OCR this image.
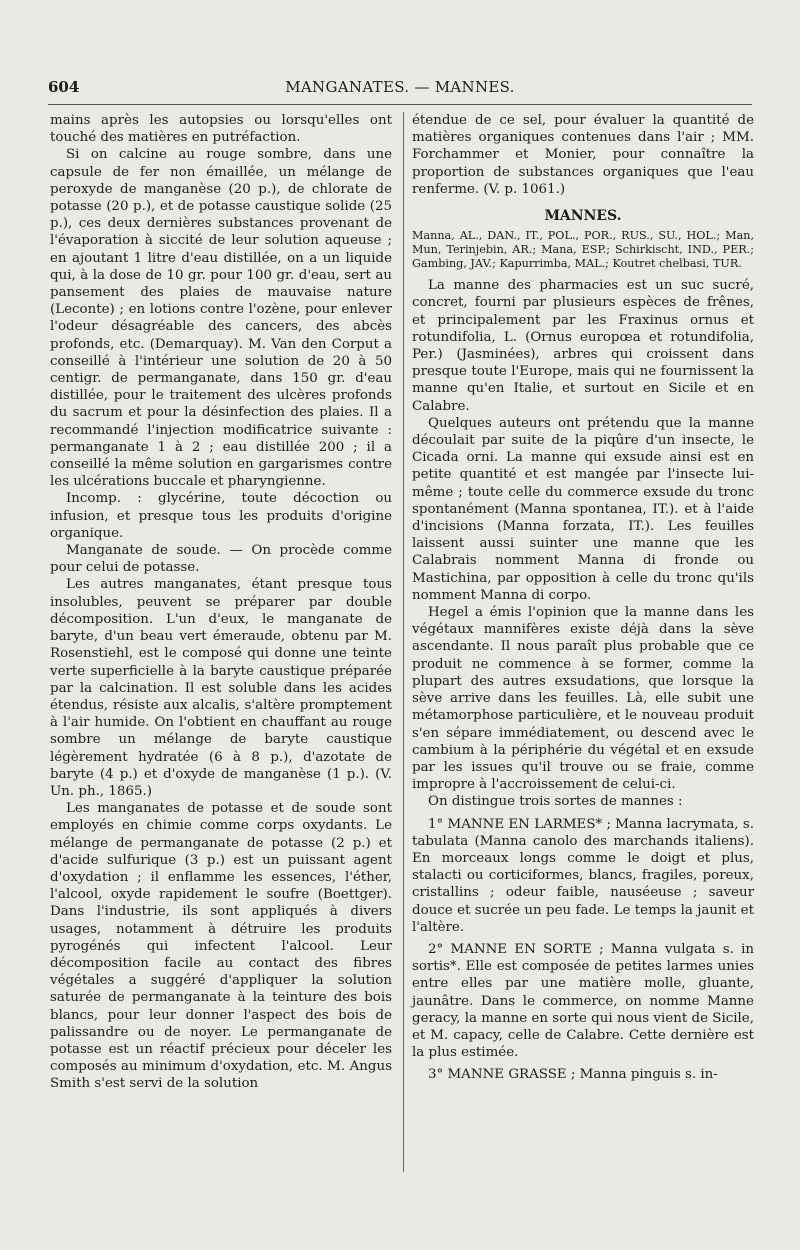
604	MANGANATES. — MANNES.

mains après les autopsies ou lorsqu'elles ont touché des matières en putréfaction.

Si on calcine au rouge sombre, dans une capsule de fer non émaillée, un mélange de peroxyde de manganèse (20 p.), de chlorate de potasse (20 p.), et de potasse caustique solide (25 p.), ces deux dernières substances provenant de l'évaporation à siccité de leur solution aqueuse ; en ajoutant 1 litre d'eau distillée, on a un liquide qui, à la dose de 10 gr. pour 100 gr. d'eau, sert au pansement des plaies de mauvaise nature (Leconte) ; en lotions contre l'ozène, pour enlever l'odeur désagréable des cancers, des abcès profonds, etc. (Demarquay). M. Van den Corput a conseillé à l'intérieur une solution de 20 à 50 centigr. de permanganate, dans 150 gr. d'eau distillée, pour le traitement des ulcères profonds du sacrum et pour la désinfection des plaies. Il a recommandé l'injection modificatrice suivante : permanganate 1 à 2 ; eau distillée 200 ; il a conseillé la même solution en gargarismes contre les ulcérations buccale et pharyngienne.

Incomp. : glycérine, toute décoction ou infusion, et presque tous les produits d'origine organique.

Manganate de soude. — On procède comme pour celui de potasse.

Les autres manganates, étant presque tous insolubles, peuvent se préparer par double décomposition. L'un d'eux, le manganate de baryte, d'un beau vert émeraude, obtenu par M. Rosenstiehl, est le composé qui donne une teinte verte superficielle à la baryte caustique préparée par la calcination. Il est soluble dans les acides étendus, résiste aux alcalis, s'altère promptement à l'air humide. On l'obtient en chauffant au rouge sombre un mélange de baryte caustique légèrement hydratée (6 à 8 p.), d'azotate de baryte (4 p.) et d'oxyde de manganèse (1 p.). (V. Un. ph., 1865.)

Les manganates de potasse et de soude sont employés en chimie comme corps oxydants. Le mélange de permanganate de potasse (2 p.) et d'acide sulfurique (3 p.) est un puissant agent d'oxydation ; il enflamme les essences, l'éther, l'alcool, oxyde rapidement le soufre (Boettger). Dans l'industrie, ils sont appliqués à divers usages, notamment à détruire les produits pyrogénés qui infectent l'alcool. Leur décomposition facile au contact des fibres végétales a suggéré d'appliquer la solution saturée de permanganate à la teinture des bois blancs, pour leur donner l'aspect des bois de palissandre ou de noyer. Le permanganate de potasse est un réactif précieux pour déceler les composés au minimum d'oxydation, etc. M. Angus Smith s'est servi de la solution

étendue de ce sel, pour évaluer la quantité de matières organiques contenues dans l'air ; MM. Forchammer et Monier, pour connaître la proportion de substances organiques que l'eau renferme. (V. p. 1061.)

MANNES.

Manna, AL., DAN., IT., POL., POR., RUS., SU., HOL.; Man, Mun, Terinjebin, AR.; Mana, ESP.; Schirkischt, IND., PER.; Gambing, JAV.; Kapurrimba, MAL.; Koutret chelbasi, TUR.

La manne des pharmacies est un suc sucré, concret, fourni par plusieurs espèces de frênes, et principalement par les Fraxinus ornus et rotundifolia, L. (Ornus europœa et rotundifolia, Per.) (Jasminées), arbres qui croissent dans presque toute l'Europe, mais qui ne fournissent la manne qu'en Italie, et surtout en Sicile et en Calabre.

Quelques auteurs ont prétendu que la manne découlait par suite de la piqûre d'un insecte, le Cicada orni. La manne qui exsude ainsi est en petite quantité et est mangée par l'insecte lui-même ; toute celle du commerce exsude du tronc spontanément (Manna spontanea, IT.). et à l'aide d'incisions (Manna forzata, IT.). Les feuilles laissent aussi suinter une manne que les Calabrais nomment Manna di fronde ou Mastichina, par opposition à celle du tronc qu'ils nomment Manna di corpo.

Hegel a émis l'opinion que la manne dans les végétaux mannifères existe déjà dans la sève ascendante. Il nous paraît plus probable que ce produit ne commence à se former, comme la plupart des autres exsudations, que lorsque la sève arrive dans les feuilles. Là, elle subit une métamorphose particulière, et le nouveau produit s'en sépare immédiatement, ou descend avec le cambium à la périphérie du végétal et en exsude par les issues qu'il trouve ou se fraie, comme impropre à l'accroissement de celui-ci.

On distingue trois sortes de mannes :

1° MANNE EN LARMES* ; Manna lacrymata, s. tabulata (Manna canolo des marchands italiens). En morceaux longs comme le doigt et plus, stalacti ou corticiformes, blancs, fragiles, poreux, cristallins ; odeur faible, nauséeuse ; saveur douce et sucrée un peu fade. Le temps la jaunit et l'altère.

2° MANNE EN SORTE ; Manna vulgata s. in sortis*. Elle est composée de petites larmes unies entre elles par une matière molle, gluante, jaunâtre. Dans le commerce, on nomme Manne geracy, la manne en sorte qui nous vient de Sicile, et M. capacy, celle de Calabre. Cette dernière est la plus estimée.

3° MANNE GRASSE ; Manna pinguis s. in-
